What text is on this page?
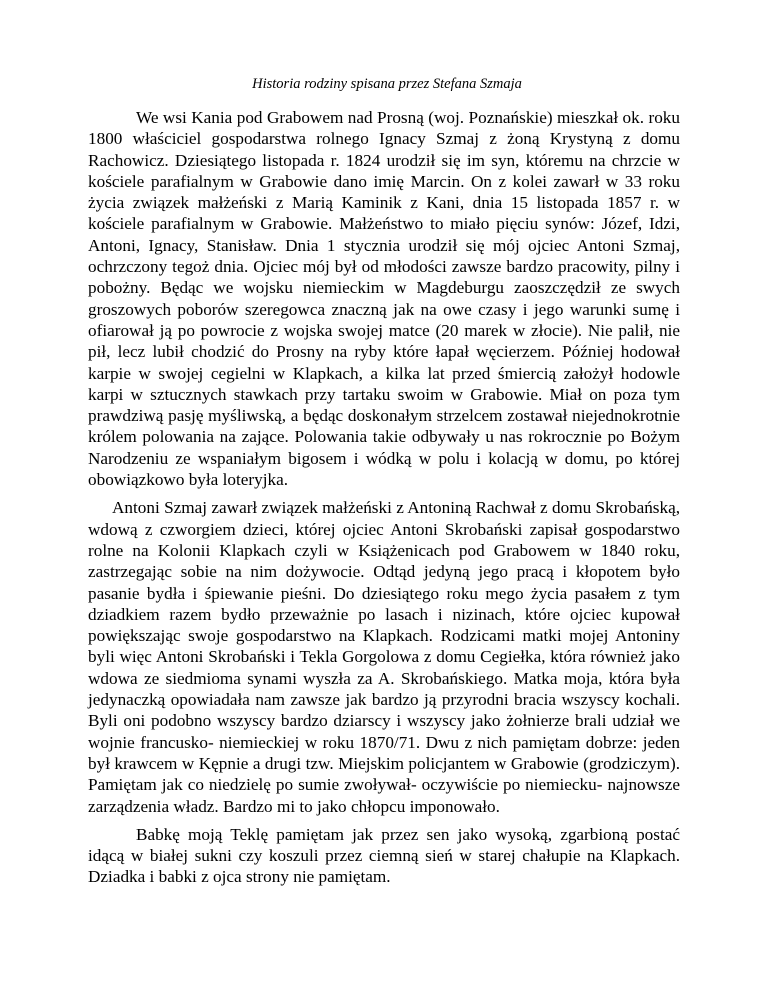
Historia rodziny spisana przez Stefana Szmaja

We wsi Kania pod Grabowem nad Prosną (woj. Poznańskie) mieszkał ok. roku 1800 właściciel gospodarstwa rolnego Ignacy Szmaj z żoną Krystyną z domu Rachowicz. Dziesiątego listopada r. 1824 urodził się im syn, któremu na chrzcie w kościele parafialnym w Grabowie dano imię Marcin. On z kolei zawarł w 33 roku życia związek małżeński z Marią Kaminik z Kani, dnia 15 listopada 1857 r. w kościele parafialnym w Grabowie. Małżeństwo to miało pięciu synów: Józef, Idzi, Antoni, Ignacy, Stanisław. Dnia 1 stycznia urodził się mój ojciec Antoni Szmaj, ochrzczony tegoż dnia. Ojciec mój był od młodości zawsze bardzo pracowity, pilny i pobożny. Będąc we wojsku niemieckim w Magdeburgu zaoszczędził ze swych groszowych poborów szeregowca znaczną jak na owe czasy i jego warunki sumę i ofiarował ją po powrocie z wojska swojej matce (20 marek w złocie). Nie palił, nie pił, lecz lubił chodzić do Prosny na ryby które łapał węcierzem. Później hodował karpie w swojej cegielni w Klapkach, a kilka lat przed śmiercią założył hodowle karpi w sztucznych stawkach przy tartaku swoim w Grabowie. Miał on poza tym prawdziwą pasję myśliwską, a będąc doskonałym strzelcem zostawał niejednokrotnie królem polowania na zające. Polowania takie odbywały u nas rokrocznie po Bożym Narodzeniu ze wspaniałym bigosem i wódką w polu i kolacją w domu, po której obowiązkowo była loteryjka.

Antoni Szmaj zawarł związek małżeński z Antoniną Rachwał z domu Skrobańską, wdową z czworgiem dzieci, której ojciec Antoni Skrobański zapisał gospodarstwo rolne na Kolonii Klapkach czyli w Książenicach pod Grabowem w 1840 roku, zastrzegając sobie na nim dożywocie. Odtąd jedyną jego pracą i kłopotem było pasanie bydła i śpiewanie pieśni. Do dziesiątego roku mego życia pasałem z tym dziadkiem razem bydło przeważnie po lasach i nizinach, które ojciec kupował powiększając swoje gospodarstwo na Klapkach. Rodzicami matki mojej Antoniny byli więc Antoni Skrobański i Tekla Gorgolowa z domu Cegiełka, która również jako wdowa ze siedmioma synami wyszła za A. Skrobańskiego. Matka moja, która była jedynaczką opowiadała nam zawsze jak bardzo ją przyrodni bracia wszyscy kochali. Byli oni podobno wszyscy bardzo dziarscy i wszyscy jako żołnierze brali udział we wojnie francusko- niemieckiej w roku 1870/71. Dwu z nich pamiętam dobrze: jeden był krawcem w Kępnie a drugi tzw. Miejskim policjantem w Grabowie (grodziczym). Pamiętam jak co niedzielę po sumie zwoływał- oczywiście po niemiecku- najnowsze zarządzenia władz. Bardzo mi to jako chłopcu imponowało.

Babkę moją Teklę pamiętam jak przez sen jako wysoką, zgarbioną postać idącą w białej sukni czy koszuli przez ciemną sień w starej chałupie na Klapkach. Dziadka i babki z ojca strony nie pamiętam.
